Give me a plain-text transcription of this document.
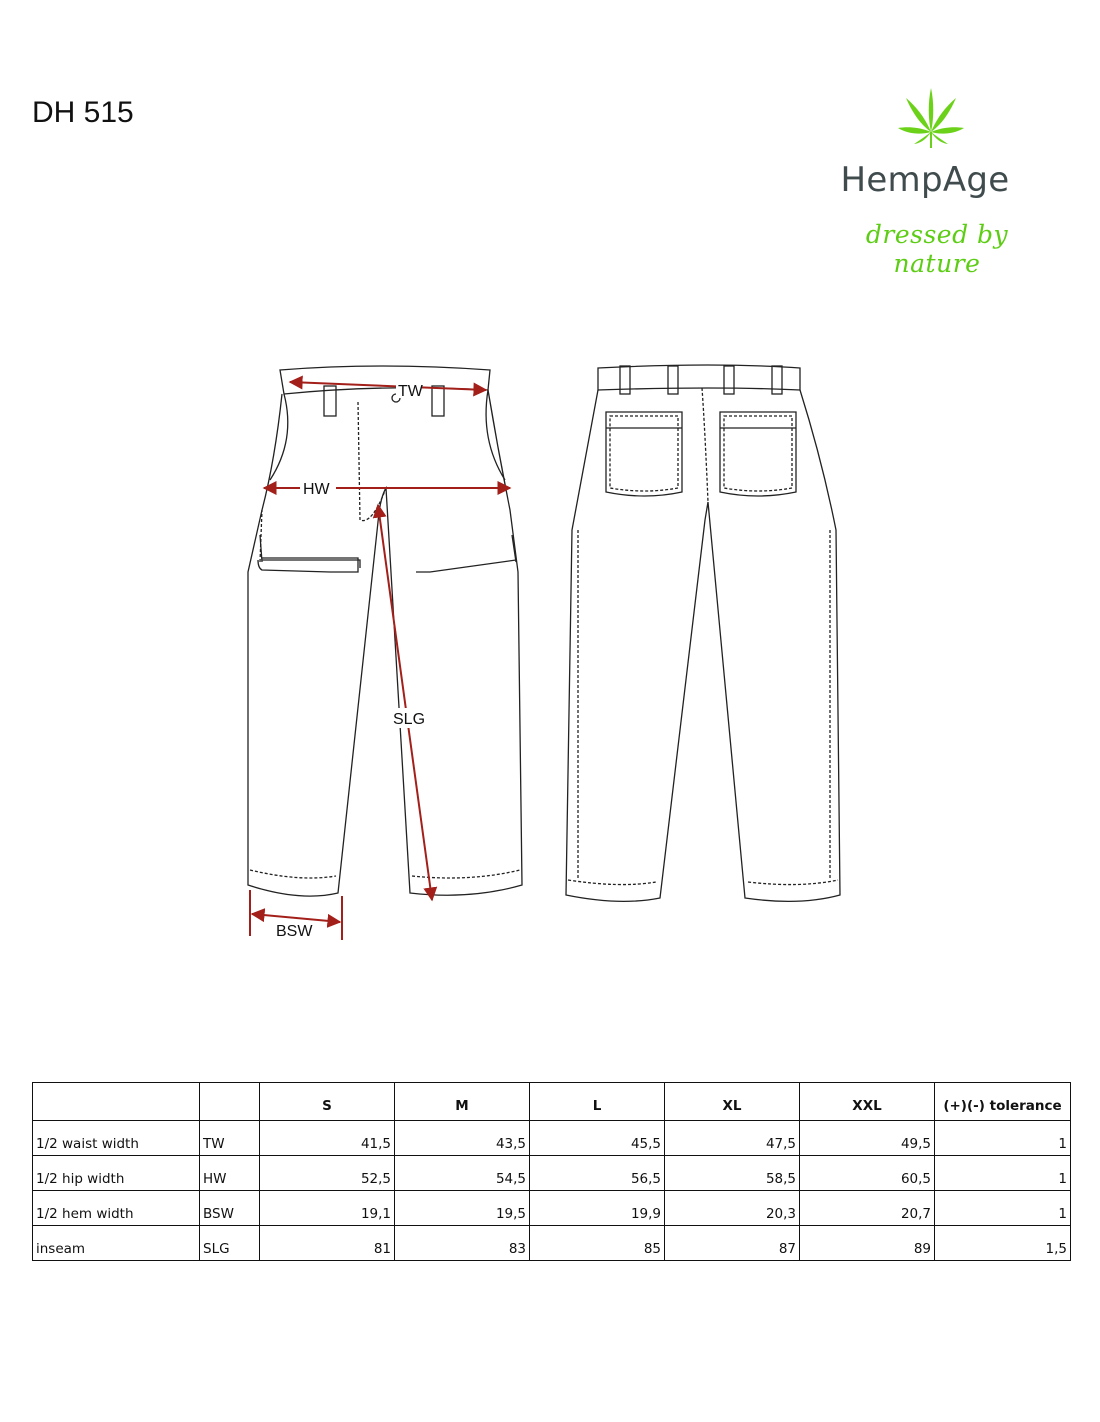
DH 515
HempAge
dressed by nature
TW
HW
SLG
BSW
		S	M	L	XL	XXL	(+)(-) tolerance
1/2 waist width	TW	41,5	43,5	45,5	47,5	49,5	1
1/2 hip width	HW	52,5	54,5	56,5	58,5	60,5	1
1/2 hem width	BSW	19,1	19,5	19,9	20,3	20,7	1
inseam	SLG	81	83	85	87	89	1,5
